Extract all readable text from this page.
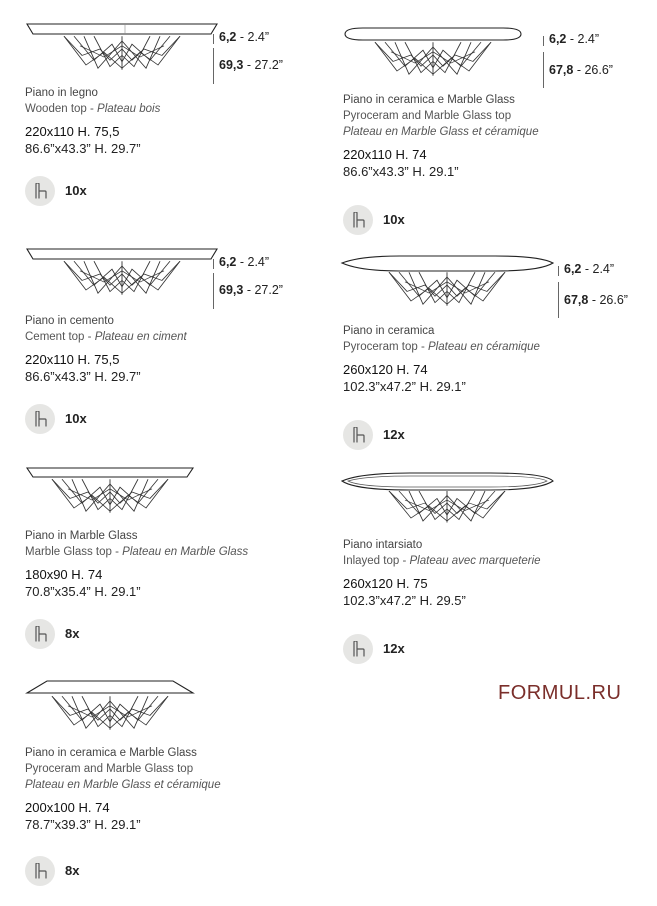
6,2 - 2.4”
69,3 - 27.2”
Piano in legno
Wooden top - Plateau bois
220x110 H. 75,5
86.6”x43.3” H. 29.7”
10x
6,2 - 2.4”
69,3 - 27.2”
Piano in cemento
Cement top - Plateau en ciment
220x110 H. 75,5
86.6”x43.3” H. 29.7”
10x
Piano in Marble Glass
Marble Glass top - Plateau en Marble Glass
180x90 H. 74
70.8”x35.4” H. 29.1”
8x
Piano in ceramica e Marble Glass
Pyroceram and Marble Glass top
Plateau en Marble Glass et céramique
200x100 H. 74
78.7”x39.3” H. 29.1”
8x
6,2 - 2.4”
67,8 - 26.6”
Piano in ceramica e Marble Glass
Pyroceram and Marble Glass top
Plateau en Marble Glass et céramique
220x110 H. 74
86.6”x43.3” H. 29.1”
10x
6,2 - 2.4”
67,8 - 26.6”
Piano in ceramica
Pyroceram top - Plateau en céramique
260x120 H. 74
102.3”x47.2” H. 29.1”
12x
Piano intarsiato
Inlayed top - Plateau avec marqueterie
260x120 H. 75
102.3”x47.2” H. 29.5”
12x
FORMUL.RU
